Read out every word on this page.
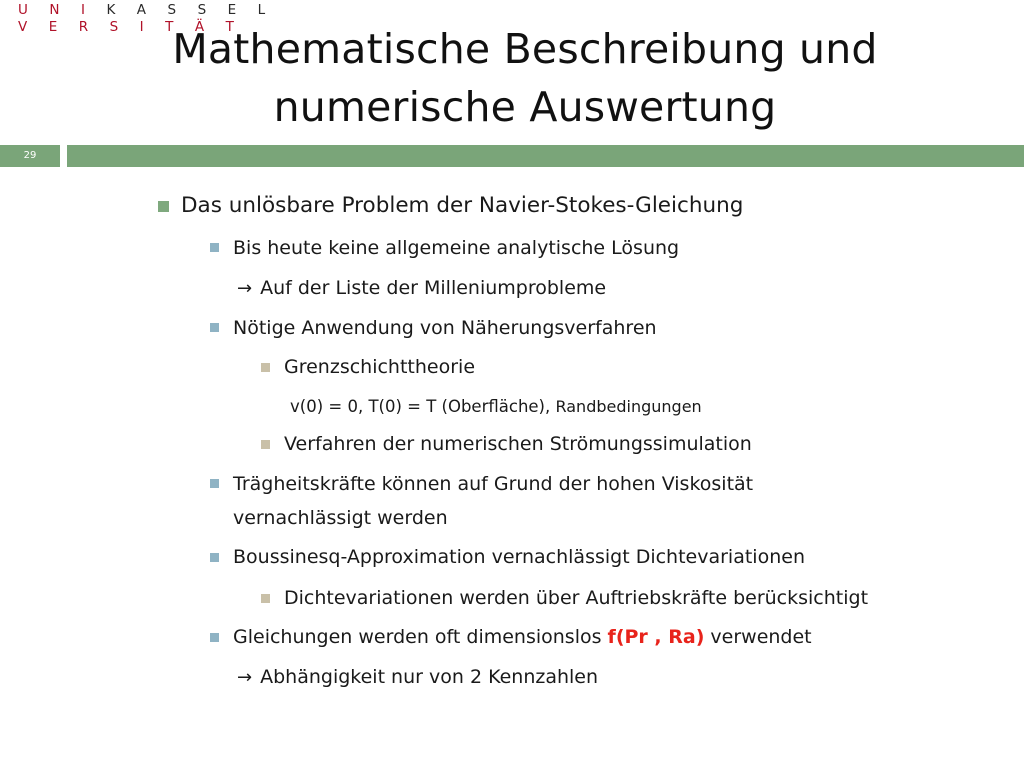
U N I K A S S E L
V E R S I T Ä T
Mathematische Beschreibung und
numerische Auswertung
29
Das unlösbare Problem der Navier-Stokes-Gleichung
Bis heute keine allgemeine analytische Lösung
→ Auf der Liste der Milleniumprobleme
Nötige Anwendung von Näherungsverfahren
Grenzschichttheorie
v(0) = 0, T(0) = T (Oberfläche), Randbedingungen
Verfahren der numerischen Strömungssimulation
Trägheitskräfte können auf Grund der hohen Viskosität
vernachlässigt werden
Boussinesq-Approximation vernachlässigt Dichtevariationen
Dichtevariationen werden über Auftriebskräfte berücksichtigt
Gleichungen werden oft dimensionslos f(Pr , Ra) verwendet
→ Abhängigkeit nur von 2 Kennzahlen
